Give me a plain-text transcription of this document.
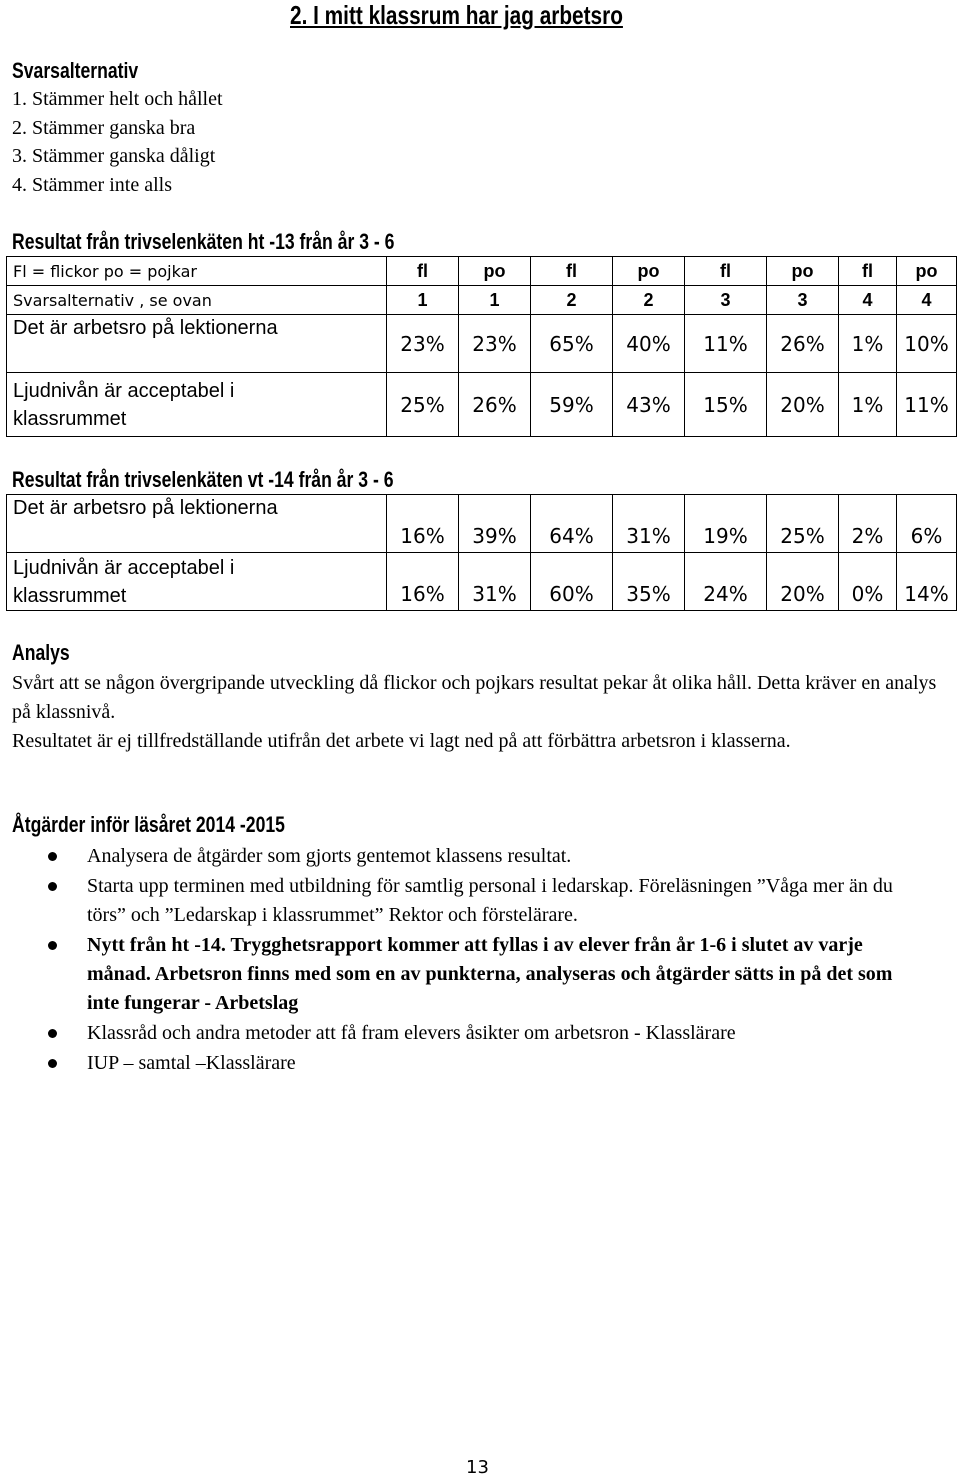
2. I mitt klassrum har jag arbetsro
Svarsalternativ
1. Stämmer helt och hållet
2. Stämmer ganska bra
3. Stämmer ganska dåligt
4. Stämmer inte alls
Resultat från trivselenkäten ht -13 från år 3 - 6
Fl = flickor po = pojkar	fl	po	fl	po	fl	po	fl	po
Svarsalternativ , se ovan	1	1	2	2	3	3	4	4
Det är arbetsro på lektionerna	23%	23%	65%	40%	11%	26%	1%	10%

Ljudnivån är acceptabel i
klassrummet	25%	26%	59%	43%	15%	20%	1%	11%
Resultat från trivselenkäten vt -14 från år 3 - 6
Det är arbetsro på lektionerna	16%	39%	64%	31%	19%	25%	2%	6%

Ljudnivån är acceptabel i
klassrummet	16%	31%	60%	35%	24%	20%	0%	14%
Analys
Svårt att se någon övergripande utveckling då flickor och pojkars resultat pekar åt olika håll. Detta kräver en analys på klassnivå.
Resultatet är ej tillfredställande utifrån det arbete vi lagt ned på att förbättra arbetsron i klasserna.
Åtgärder inför läsåret 2014 -2015
Analysera de åtgärder som gjorts gentemot klassens resultat.
Starta upp terminen med utbildning för samtlig personal i ledarskap. Föreläsningen ”Våga mer än du törs” och ”Ledarskap i klassrummet” Rektor och förstelärare.
Nytt från ht -14. Trygghetsrapport kommer att fyllas i av elever från år 1-6 i slutet av varje månad. Arbetsron finns med som en av punkterna, analyseras och åtgärder sätts in på det som inte fungerar - Arbetslag
Klassråd och andra metoder att få fram elevers åsikter om arbetsron - Klasslärare
IUP – samtal –Klasslärare
13
